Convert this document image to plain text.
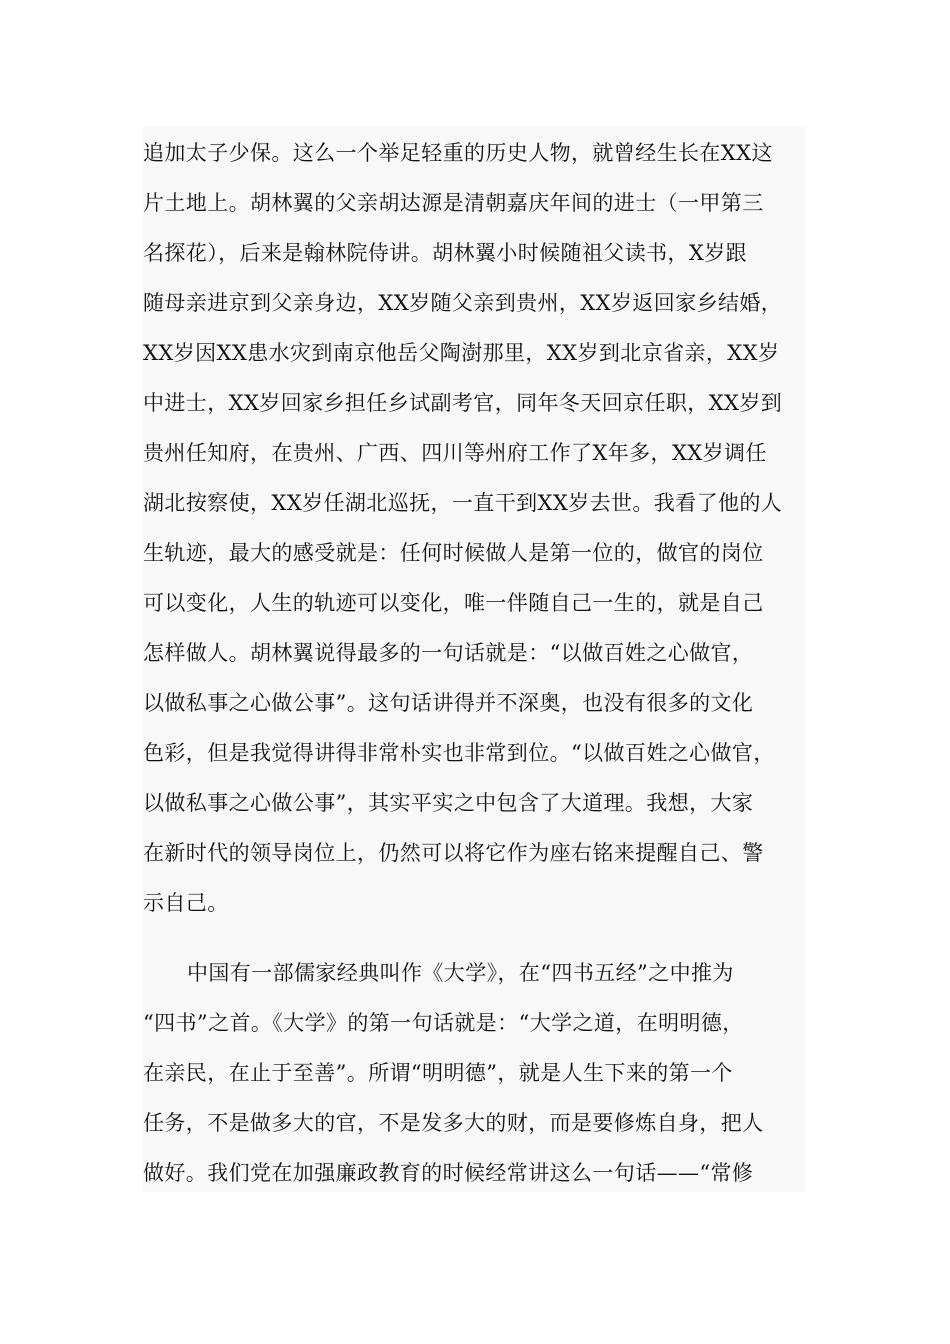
追加太子少保。这么一个举足轻重的历史人物，就曾经生长在XX这
片土地上。胡林翼的父亲胡达源是清朝嘉庆年间的进士（一甲第三
名探花），后来是翰林院侍讲。胡林翼小时候随祖父读书，X岁跟
随母亲进京到父亲身边，XX岁随父亲到贵州，XX岁返回家乡结婚，
XX岁因XX患水灾到南京他岳父陶澍那里，XX岁到北京省亲，XX岁
中进士，XX岁回家乡担任乡试副考官，同年冬天回京任职，XX岁到
贵州任知府，在贵州、广西、四川等州府工作了X年多，XX岁调任
湖北按察使，XX岁任湖北巡抚，一直干到XX岁去世。我看了他的人
生轨迹，最大的感受就是：任何时候做人是第一位的，做官的岗位
可以变化，人生的轨迹可以变化，唯一伴随自己一生的，就是自己
怎样做人。胡林翼说得最多的一句话就是：“以做百姓之心做官，
以做私事之心做公事”。这句话讲得并不深奥，也没有很多的文化
色彩，但是我觉得讲得非常朴实也非常到位。“以做百姓之心做官，
以做私事之心做公事”，其实平实之中包含了大道理。我想，大家
在新时代的领导岗位上，仍然可以将它作为座右铭来提醒自己、警
示自己。
中国有一部儒家经典叫作《大学》，在“四书五经”之中推为
“四书”之首。《大学》的第一句话就是：“大学之道，在明明德，
在亲民，在止于至善”。所谓“明明德”，就是人生下来的第一个
任务，不是做多大的官，不是发多大的财，而是要修炼自身，把人
做好。我们党在加强廉政教育的时候经常讲这么一句话——“常修
